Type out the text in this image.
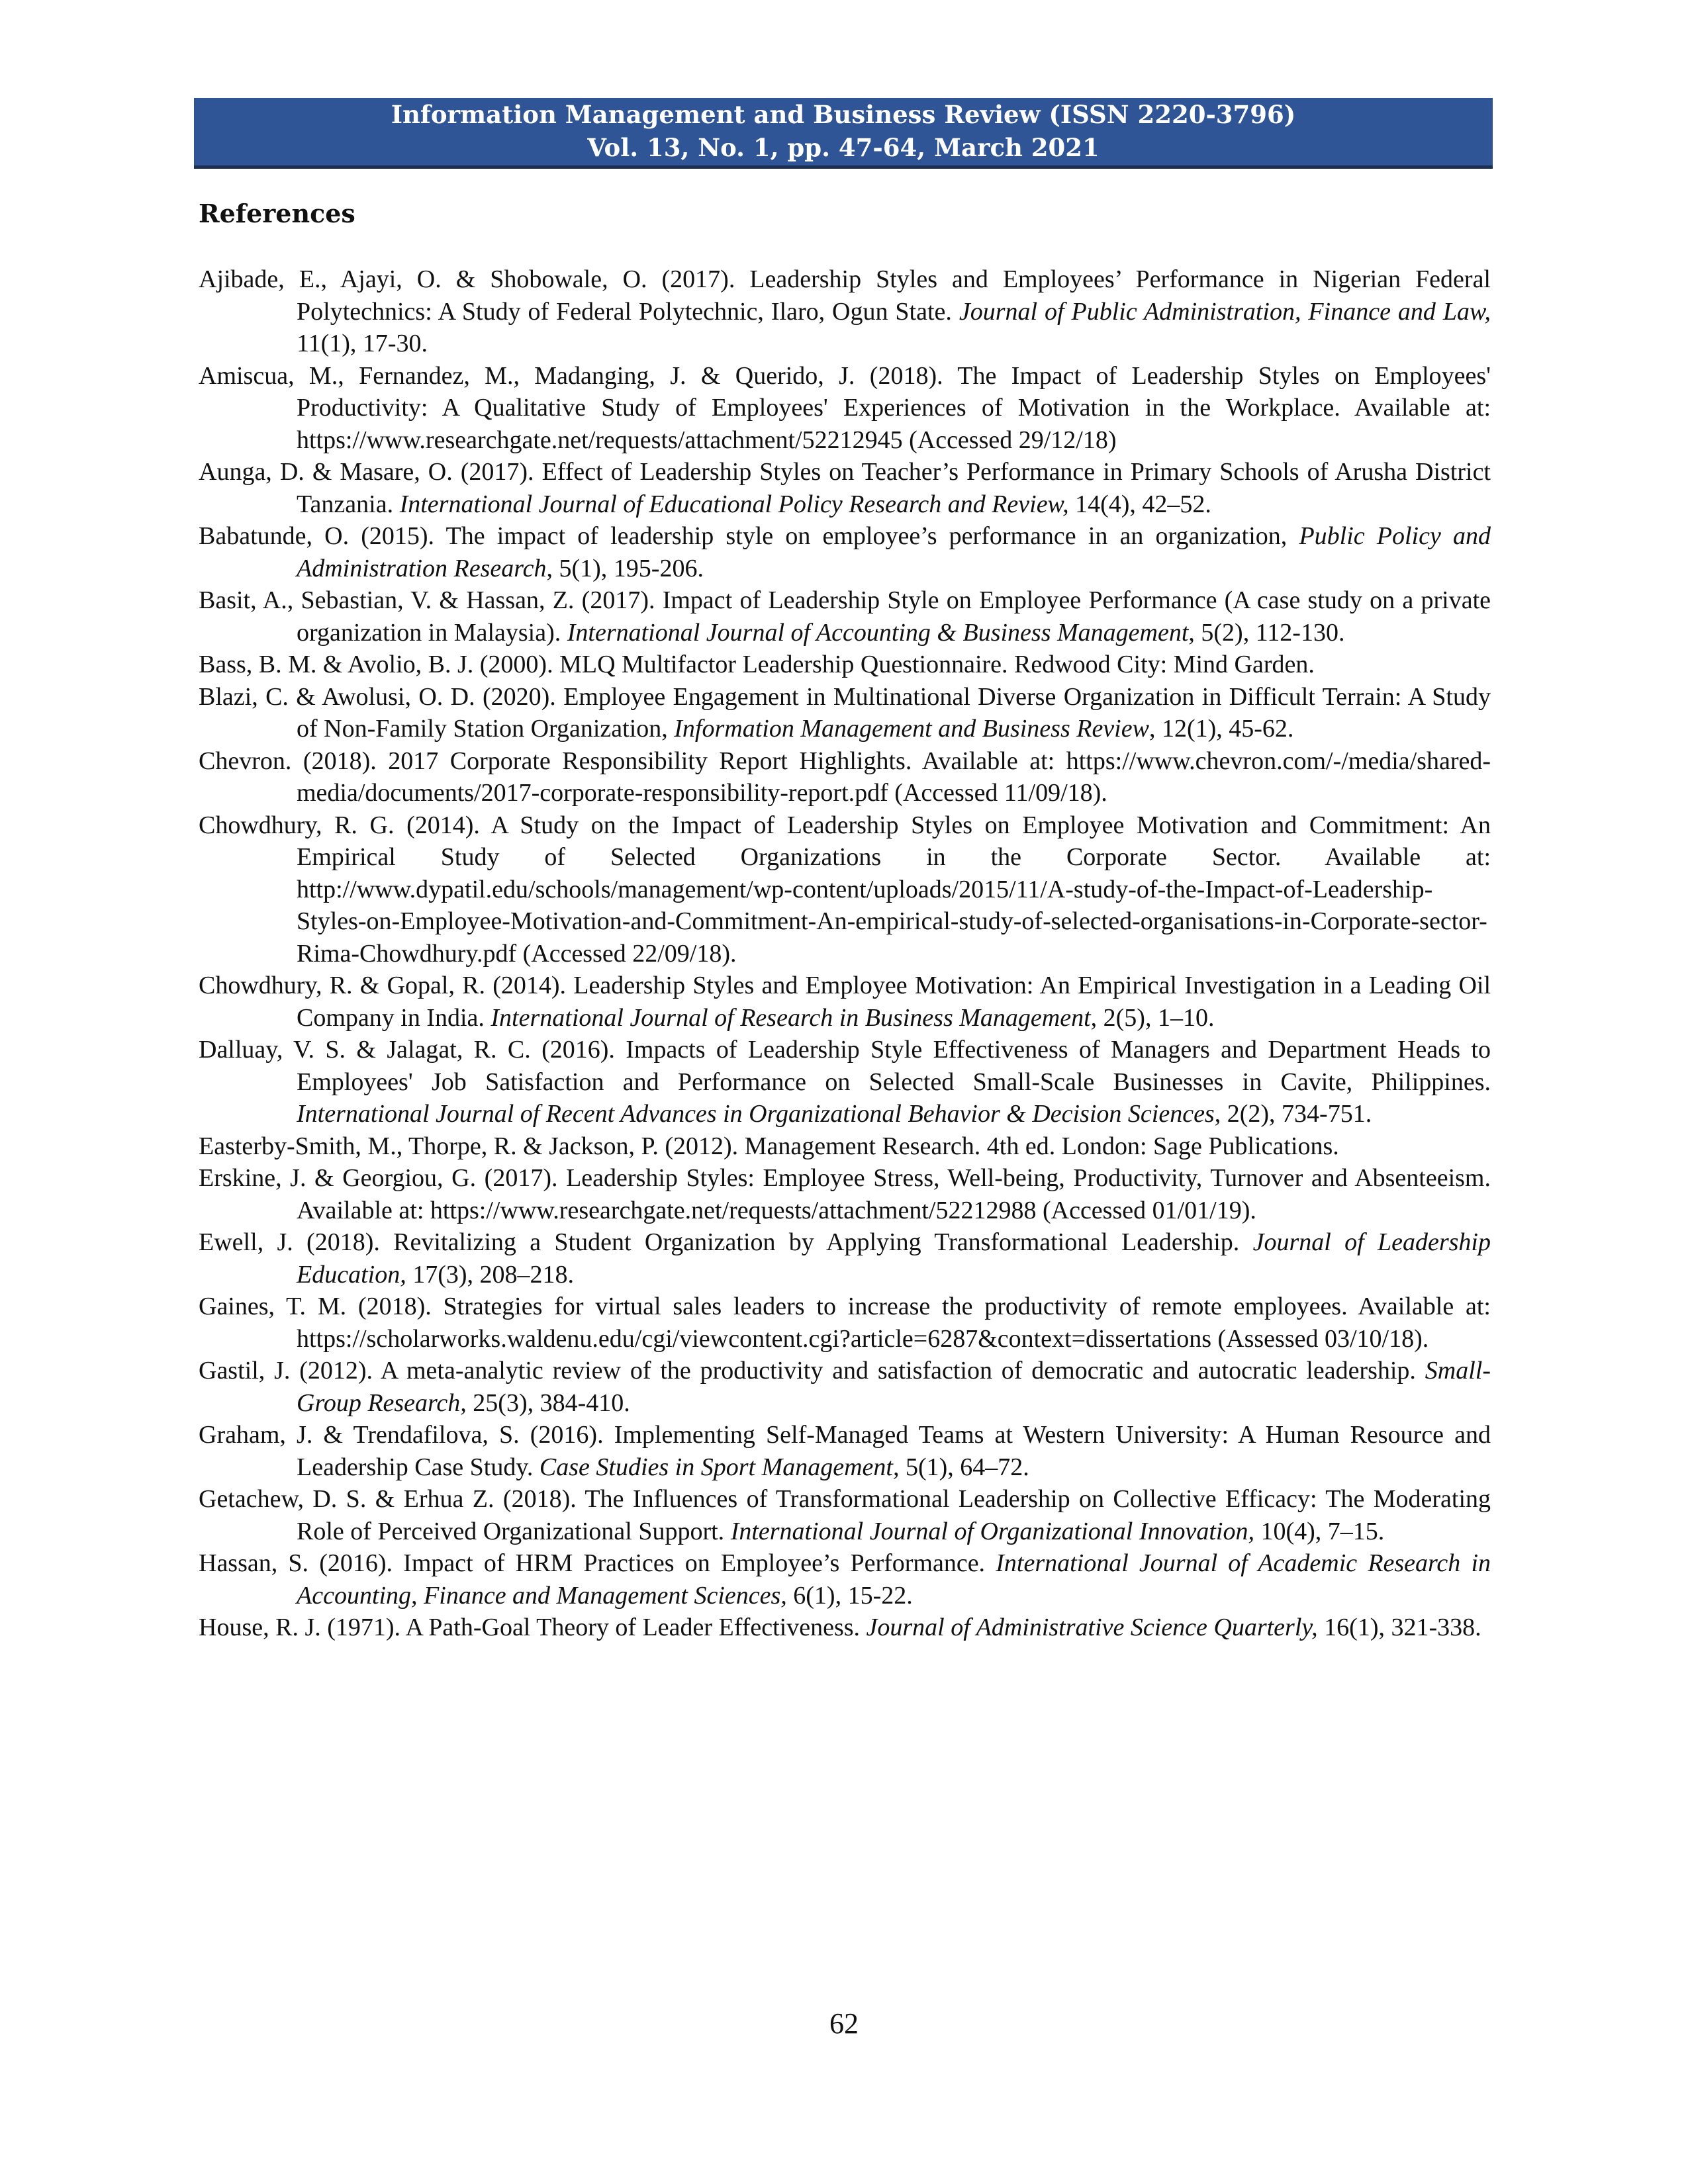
Information Management and Business Review (ISSN 2220-3796)
Vol. 13, No. 1, pp. 47-64, March 2021
References
Ajibade, E., Ajayi, O. & Shobowale, O. (2017). Leadership Styles and Employees’ Performance in Nigerian Federal Polytechnics: A Study of Federal Polytechnic, Ilaro, Ogun State. Journal of Public Administration, Finance and Law, 11(1), 17-30.
Amiscua, M., Fernandez, M., Madanging, J. & Querido, J. (2018). The Impact of Leadership Styles on Employees' Productivity: A Qualitative Study of Employees' Experiences of Motivation in the Workplace. Available at: https://www.researchgate.net/requests/attachment/52212945 (Accessed 29/12/18)
Aunga, D. & Masare, O. (2017). Effect of Leadership Styles on Teacher’s Performance in Primary Schools of Arusha District Tanzania. International Journal of Educational Policy Research and Review, 14(4), 42–52.
Babatunde, O. (2015). The impact of leadership style on employee’s performance in an organization, Public Policy and Administration Research, 5(1), 195-206.
Basit, A., Sebastian, V. & Hassan, Z. (2017). Impact of Leadership Style on Employee Performance (A case study on a private organization in Malaysia). International Journal of Accounting & Business Management, 5(2), 112-130.
Bass, B. M. & Avolio, B. J. (2000). MLQ Multifactor Leadership Questionnaire. Redwood City: Mind Garden.
Blazi, C. & Awolusi, O. D. (2020). Employee Engagement in Multinational Diverse Organization in Difficult Terrain: A Study of Non-Family Station Organization, Information Management and Business Review, 12(1), 45-62.
Chevron. (2018). 2017 Corporate Responsibility Report Highlights. Available at: https://www.chevron.com/-/media/shared-media/documents/2017-corporate-responsibility-report.pdf (Accessed 11/09/18).
Chowdhury, R. G. (2014). A Study on the Impact of Leadership Styles on Employee Motivation and Commitment: An Empirical Study of Selected Organizations in the Corporate Sector. Available at: http://www.dypatil.edu/schools/management/wp-content/uploads/2015/11/A-study-of-the-Impact-of-Leadership-Styles-on-Employee-Motivation-and-Commitment-An-empirical-study-of-selected-organisations-in-Corporate-sector-Rima-Chowdhury.pdf (Accessed 22/09/18).
Chowdhury, R. & Gopal, R. (2014). Leadership Styles and Employee Motivation: An Empirical Investigation in a Leading Oil Company in India. International Journal of Research in Business Management, 2(5), 1–10.
Dalluay, V. S. & Jalagat, R. C. (2016). Impacts of Leadership Style Effectiveness of Managers and Department Heads to Employees' Job Satisfaction and Performance on Selected Small-Scale Businesses in Cavite, Philippines. International Journal of Recent Advances in Organizational Behavior & Decision Sciences, 2(2), 734-751.
Easterby-Smith, M., Thorpe, R. & Jackson, P. (2012). Management Research. 4th ed. London: Sage Publications.
Erskine, J. & Georgiou, G. (2017). Leadership Styles: Employee Stress, Well-being, Productivity, Turnover and Absenteeism. Available at: https://www.researchgate.net/requests/attachment/52212988 (Accessed 01/01/19).
Ewell, J. (2018). Revitalizing a Student Organization by Applying Transformational Leadership. Journal of Leadership Education, 17(3), 208–218.
Gaines, T. M. (2018). Strategies for virtual sales leaders to increase the productivity of remote employees. Available at: https://scholarworks.waldenu.edu/cgi/viewcontent.cgi?article=6287&context=dissertations (Assessed 03/10/18).
Gastil, J. (2012). A meta-analytic review of the productivity and satisfaction of democratic and autocratic leadership. Small-Group Research, 25(3), 384-410.
Graham, J. & Trendafilova, S. (2016). Implementing Self-Managed Teams at Western University: A Human Resource and Leadership Case Study. Case Studies in Sport Management, 5(1), 64–72.
Getachew, D. S. & Erhua Z. (2018). The Influences of Transformational Leadership on Collective Efficacy: The Moderating Role of Perceived Organizational Support. International Journal of Organizational Innovation, 10(4), 7–15.
Hassan, S. (2016). Impact of HRM Practices on Employee’s Performance. International Journal of Academic Research in Accounting, Finance and Management Sciences, 6(1), 15-22.
House, R. J. (1971). A Path-Goal Theory of Leader Effectiveness. Journal of Administrative Science Quarterly, 16(1), 321-338.
62
